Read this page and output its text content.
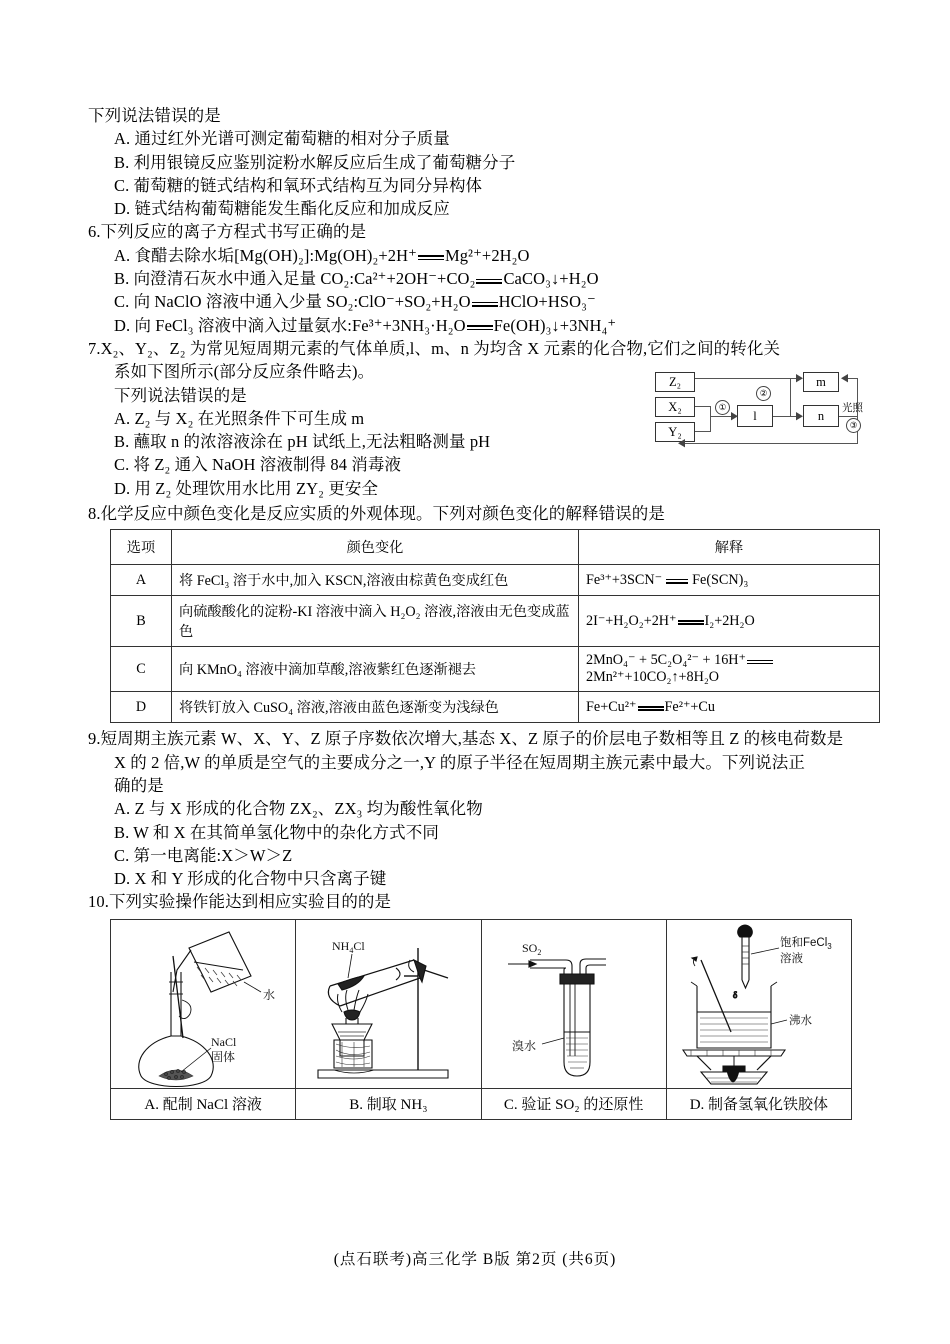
下列说法错误的是
A. 通过红外光谱可测定葡萄糖的相对分子质量
B. 利用银镜反应鉴别淀粉水解反应后生成了葡萄糖分子
C. 葡萄糖的链式结构和氧环式结构互为同分异构体
D. 链式结构葡萄糖能发生酯化反应和加成反应
6.下列反应的离子方程式书写正确的是
A. 食醋去除水垢[Mg(OH)₂]:Mg(OH)₂+2H⁺ Mg²⁺+2H₂O
B. 向澄清石灰水中通入足量 CO₂:Ca²⁺+2OH⁻+CO₂ CaCO₃↓+H₂O
C. 向 NaClO 溶液中通入少量 SO₂:ClO⁻+SO₂+H₂O HClO+HSO₃⁻
D. 向 FeCl₃ 溶液中滴入过量氨水:Fe³⁺+3NH₃·H₂O Fe(OH)₃↓+3NH₄⁺
7.X₂、Y₂、Z₂ 为常见短周期元素的气体单质,l、m、n 为均含 X 元素的化合物,它们之间的转化关
系如下图所示(部分反应条件略去)。
下列说法错误的是
A. Z₂ 与 X₂ 在光照条件下可生成 m
B. 蘸取 n 的浓溶液涂在 pH 试纸上,无法粗略测量 pH
C. 将 Z₂ 通入 NaOH 溶液制得 84 消毒液
D. 用 Z₂ 处理饮用水比用 ZY₂ 更安全
8.化学反应中颜色变化是反应实质的外观体现。下列对颜色变化的解释错误的是
选项	颜色变化	解释
A	将 FeCl₃ 溶于水中,加入 KSCN,溶液由棕黄色变成红色	Fe³⁺+3SCN⁻ Fe(SCN)₃
B	向硫酸酸化的淀粉-KI 溶液中滴入 H₂O₂ 溶液,溶液由无色变成蓝色	2I⁻+H₂O₂+2H⁺ I₂+2H₂O
C	向 KMnO₄ 溶液中滴加草酸,溶液紫红色逐渐褪去	2MnO₄⁻ + 5C₂O₄²⁻ + 16H⁺
2Mn²⁺+10CO₂↑+8H₂O
D	将铁钉放入 CuSO₄ 溶液,溶液由蓝色逐渐变为浅绿色	Fe+Cu²⁺ Fe²⁺+Cu
9.短周期主族元素 W、X、Y、Z 原子序数依次增大,基态 X、Z 原子的价层电子数相等且 Z 的核电荷数是
X 的 2 倍,W 的单质是空气的主要成分之一,Y 的原子半径在短周期主族元素中最大。下列说法正
确的是
A. Z 与 X 形成的化合物 ZX₂、ZX₃ 均为酸性氧化物
B. W 和 X 在其简单氢化物中的杂化方式不同
C. 第一电离能:X＞W＞Z
D. X 和 Y 形成的化合物中只含离子键
10.下列实验操作能达到相应实验目的的是
水
NaCl
固体	$NH_4Cl$	$SO_2$
溴水	δ
饱和FeCl$_3$
溶液
沸水

A. 配制 NaCl 溶液	B. 制取 NH₃	C. 验证 SO₂ 的还原性	D. 制备氢氧化铁胶体
Z₂
X₂
Y₂
l
m
n
①
②
光照
③
(点石联考)高三化学 B版 第2页 (共6页)
